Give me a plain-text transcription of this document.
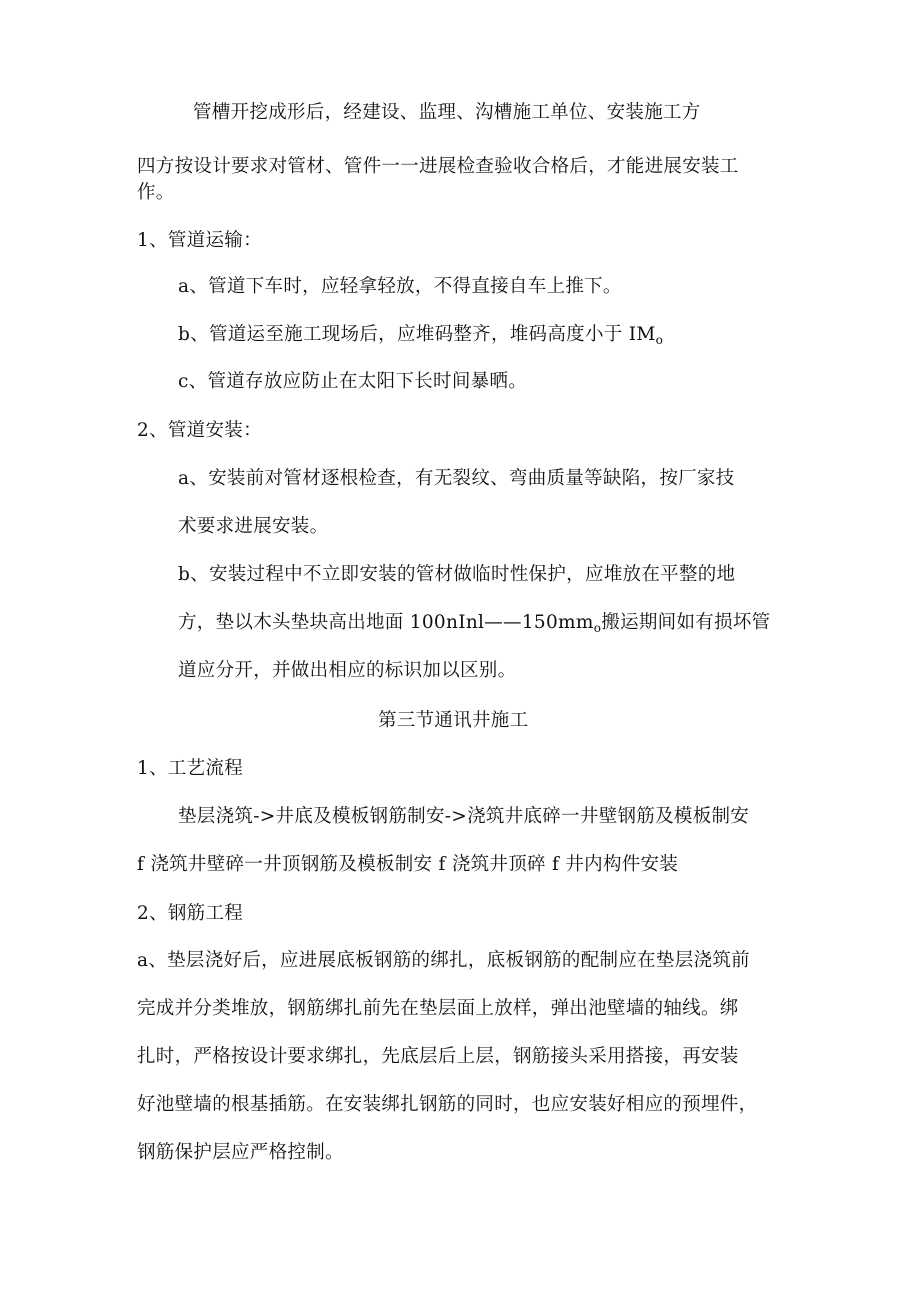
管槽开挖成形后，经建设、监理、沟槽施工单位、安装施工方
四方按设计要求对管材、管件一一进展检查验收合格后，才能进展安装工
作。
1、管道运输：
a、管道下车时，应轻拿轻放，不得直接自车上推下。
b、管道运至施工现场后，应堆码整齐，堆码高度小于 $IM_o$
c、管道存放应防止在太阳下长时间暴晒。
2、管道安装：
a、安装前对管材逐根检查，有无裂纹、弯曲质量等缺陷，按厂家技
术要求进展安装。
b、安装过程中不立即安装的管材做临时性保护，应堆放在平整的地
方，垫以木头垫块高出地面 $100nInl——150mm_o$搬运期间如有损坏管
道应分开，并做出相应的标识加以区别。
第三节通讯井施工
1、工艺流程
垫层浇筑->井底及模板钢筋制安->浇筑井底碎一井壁钢筋及模板制安
f 浇筑井壁碎一井顶钢筋及模板制安 f 浇筑井顶碎 f 井内构件安装
2、钢筋工程
a、垫层浇好后，应进展底板钢筋的绑扎，底板钢筋的配制应在垫层浇筑前
完成并分类堆放，钢筋绑扎前先在垫层面上放样，弹出池壁墙的轴线。绑
扎时，严格按设计要求绑扎，先底层后上层，钢筋接头采用搭接，再安装
好池壁墙的根基插筋。在安装绑扎钢筋的同时，也应安装好相应的预埋件，
钢筋保护层应严格控制。
